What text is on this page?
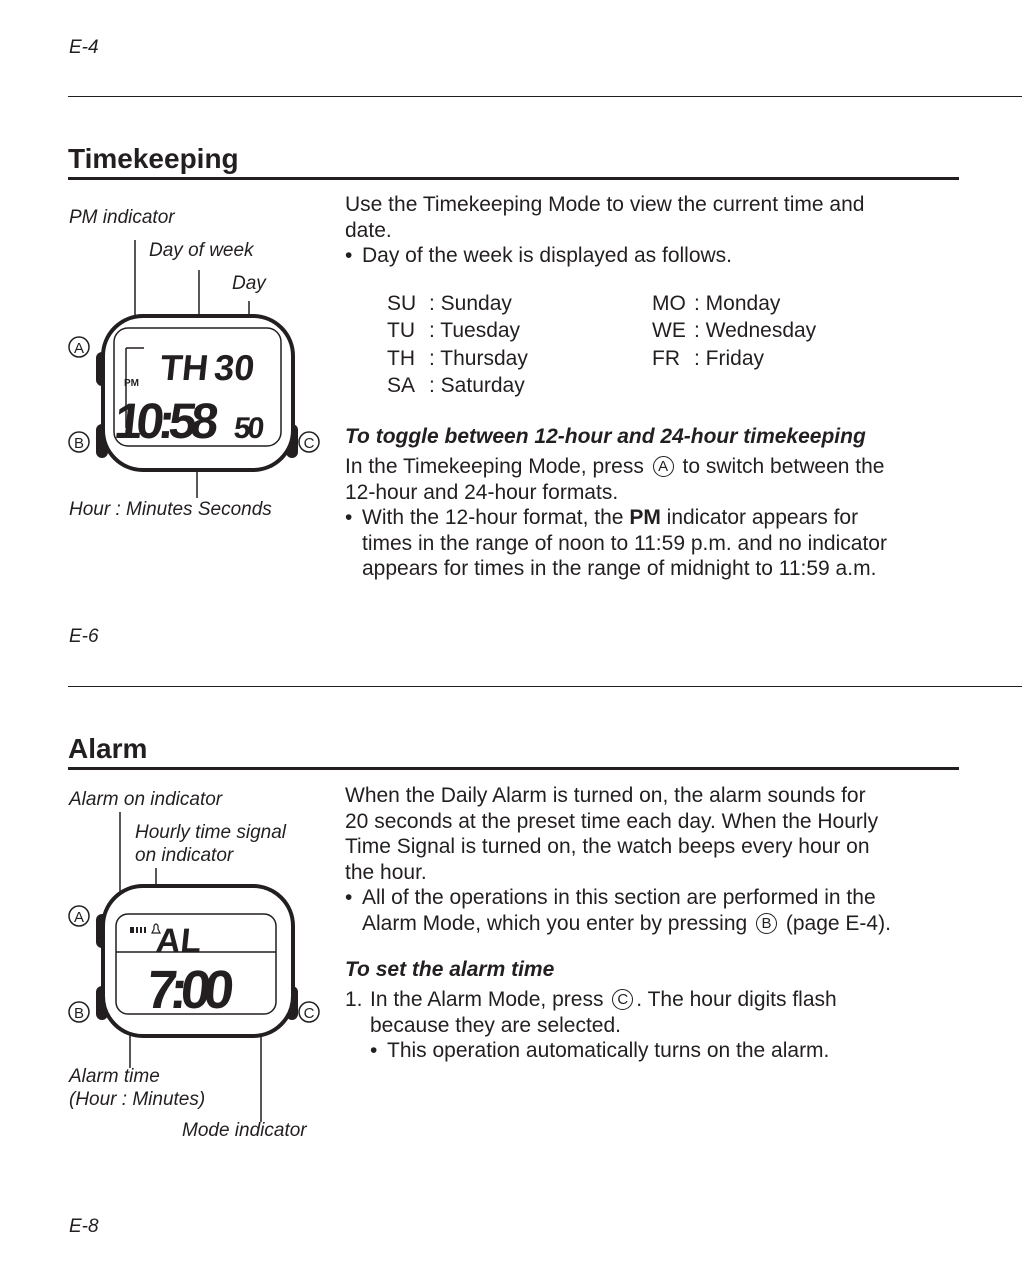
E-4
Timekeeping
PM TH 30
10:58 50
A
B	C
PM indicator
Day of week
Day
Hour : Minutes Seconds

Use the Timekeeping Mode to view the current time and

date.

• Day of the week is displayed as follows.

SU : Sunday	MO : Monday
TU : Tuesday	WE : Wednesday
TH : Thursday	FR : Friday
SA : Saturday
To toggle between 12-hour and 24-hour timekeeping

In the Timekeeping Mode, press A to switch between the

12-hour and 24-hour formats.

• With the 12-hour format, the PM indicator appears for

times in the range of noon to 11:59 p.m. and no indicator

appears for times in the range of midnight to 11:59 a.m.

E-6
Alarm
AL
7:00
A
B	C
Alarm on indicator
Hourly time signal
on indicator
Alarm time
(Hour : Minutes)
Mode indicator

When the Daily Alarm is turned on, the alarm sounds for

20 seconds at the preset time each day. When the Hourly

Time Signal is turned on, the watch beeps every hour on

the hour.

• All of the operations in this section are performed in the

Alarm Mode, which you enter by pressing B (page E-4).

To set the alarm time
1. In the Alarm Mode, press C . The hour digits flash

because they are selected.

• This operation automatically turns on the alarm.

E-8
